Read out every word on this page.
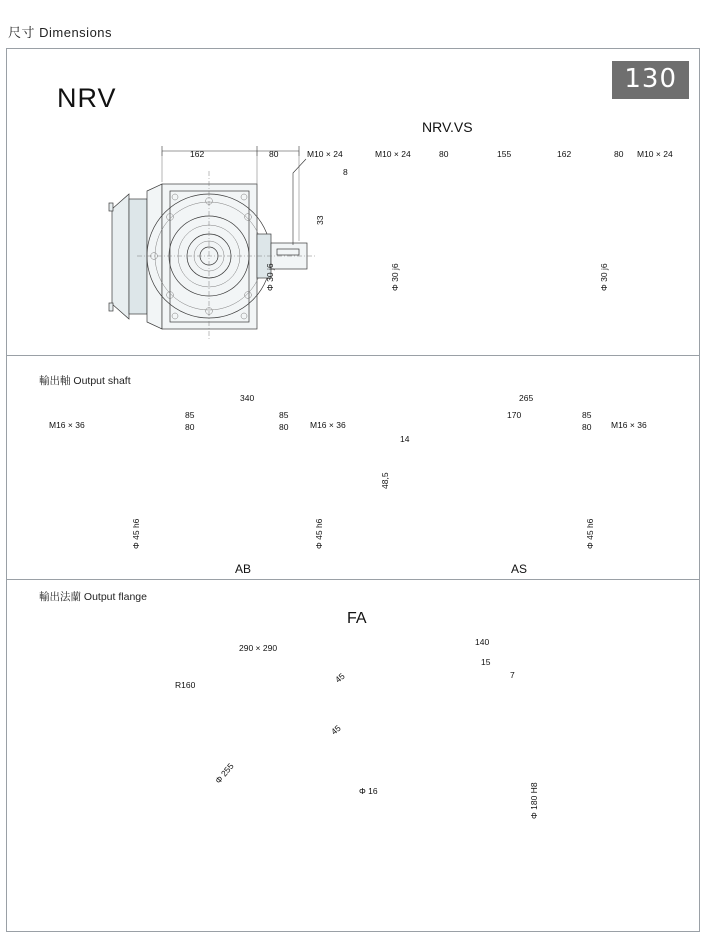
尺寸 Dimensions
130
輸出軸 Output shaft
輸出法蘭 Output flange
NRV
NRV.VS
FA
162	80	M10 × 24
Φ 30 j6
8
33
M10 × 24	80	155	162	80 M10 × 24
Φ 30 j6	Φ 30 j6
340
M16 × 36
85
80
85
80	M16 × 36
Φ 45 h6	Φ 45 h6
14
48,5
265
170	85
80 M16 × 36
Φ 45 h6
290 × 290
R160
45
45
Φ 255
Φ 16
140
15
7
Φ 180 H8
AB	AS
